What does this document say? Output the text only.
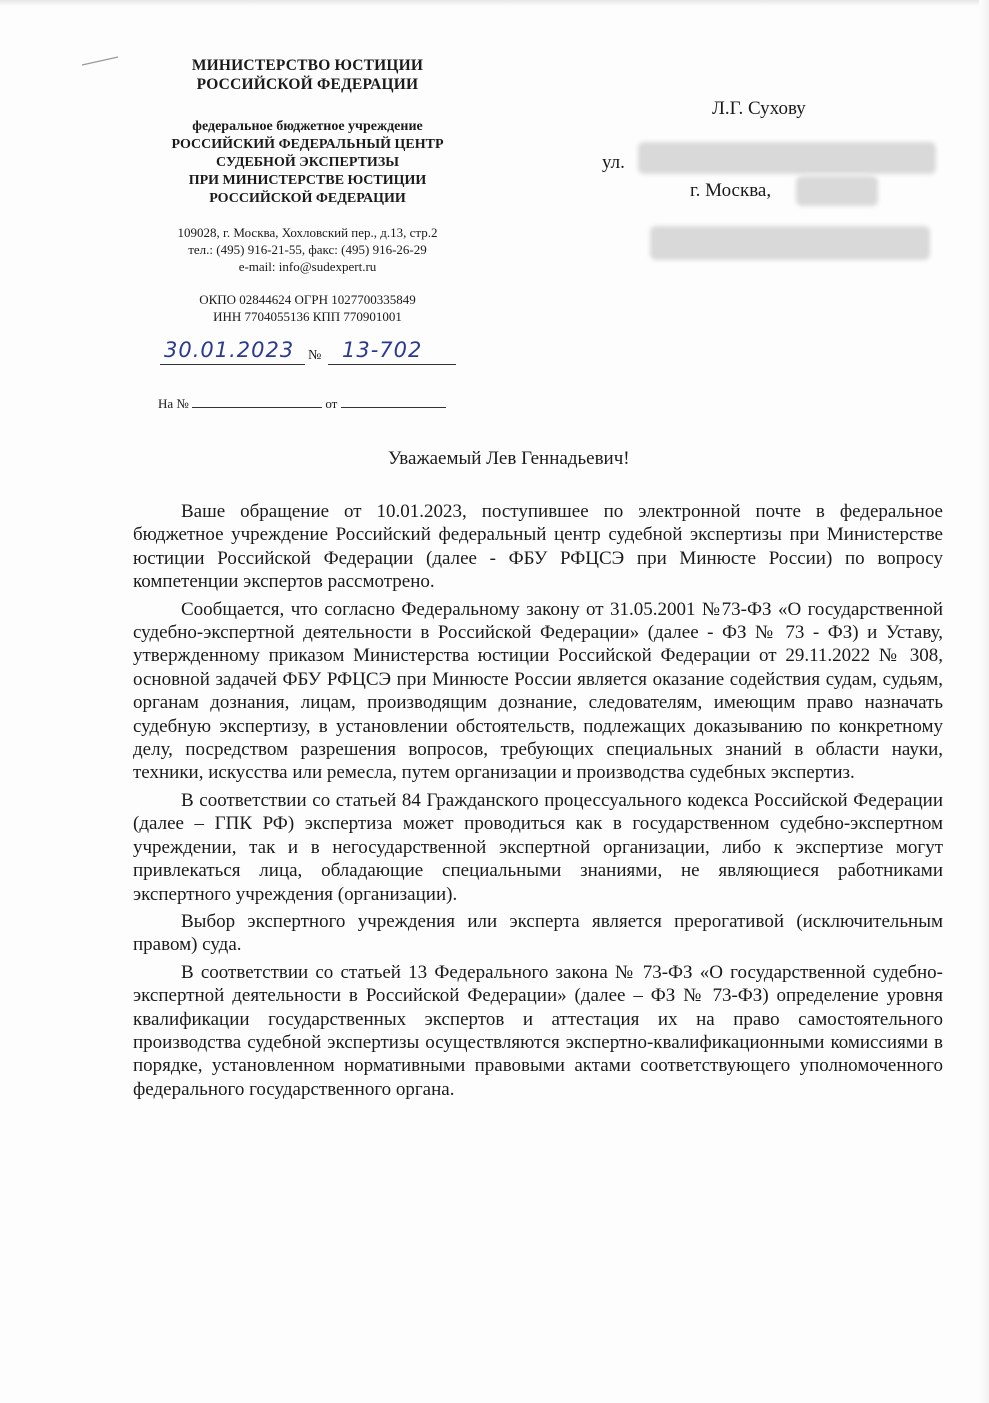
МИНИСТЕРСТВО ЮСТИЦИИ
РОССИЙСКОЙ ФЕДЕРАЦИИ
федеральное бюджетное учреждение
РОССИЙСКИЙ ФЕДЕРАЛЬНЫЙ ЦЕНТР
СУДЕБНОЙ ЭКСПЕРТИЗЫ
ПРИ МИНИСТЕРСТВЕ ЮСТИЦИИ
РОССИЙСКОЙ ФЕДЕРАЦИИ
109028, г. Москва, Хохловский пер., д.13, стр.2
тел.: (495) 916-21-55, факс: (495) 916-26-29
e-mail: info@sudexpert.ru
ОКПО 02844624 ОГРН 1027700335849
ИНН 7704055136 КПП 770901001
30.01.2023 № 13-702
На №	от
Л.Г. Сухову
ул.
г. Москва,
Уважаемый Лев Геннадьевич!

Ваше обращение от 10.01.2023, поступившее по электронной почте в федеральное бюджетное учреждение Российский федеральный центр судебной экспертизы при Министерстве юстиции Российской Федерации (далее - ФБУ РФЦСЭ при Минюсте России) по вопросу компетенции экспертов рассмотрено.

Сообщается, что согласно Федеральному закону от 31.05.2001 №73-ФЗ «О государственной судебно-экспертной деятельности в Российской Федерации» (далее - ФЗ № 73 - ФЗ) и Уставу, утвержденному приказом Министерства юстиции Российской Федерации от 29.11.2022 № 308, основной задачей ФБУ РФЦСЭ при Минюсте России является оказание содействия судам, судьям, органам дознания, лицам, производящим дознание, следователям, имеющим право назначать судебную экспертизу, в установлении обстоятельств, подлежащих доказыванию по конкретному делу, посредством разрешения вопросов, требующих специальных знаний в области науки, техники, искусства или ремесла, путем организации и производства судебных экспертиз.

В соответствии со статьей 84 Гражданского процессуального кодекса Российской Федерации (далее – ГПК РФ) экспертиза может проводиться как в государственном судебно-экспертном учреждении, так и в негосударственной экспертной организации, либо к экспертизе могут привлекаться лица, обладающие специальными знаниями, не являющиеся работниками экспертного учреждения (организации).

Выбор экспертного учреждения или эксперта является прерогативой (исключительным правом) суда.

В соответствии со статьей 13 Федерального закона № 73-ФЗ «О государственной судебно-экспертной деятельности в Российской Федерации» (далее – ФЗ № 73-ФЗ) определение уровня квалификации государственных экспертов и аттестация их на право самостоятельного производства судебной экспертизы осуществляются экспертно-квалификационными комиссиями в порядке, установленном нормативными правовыми актами соответствующего уполномоченного федерального государственного органа.
